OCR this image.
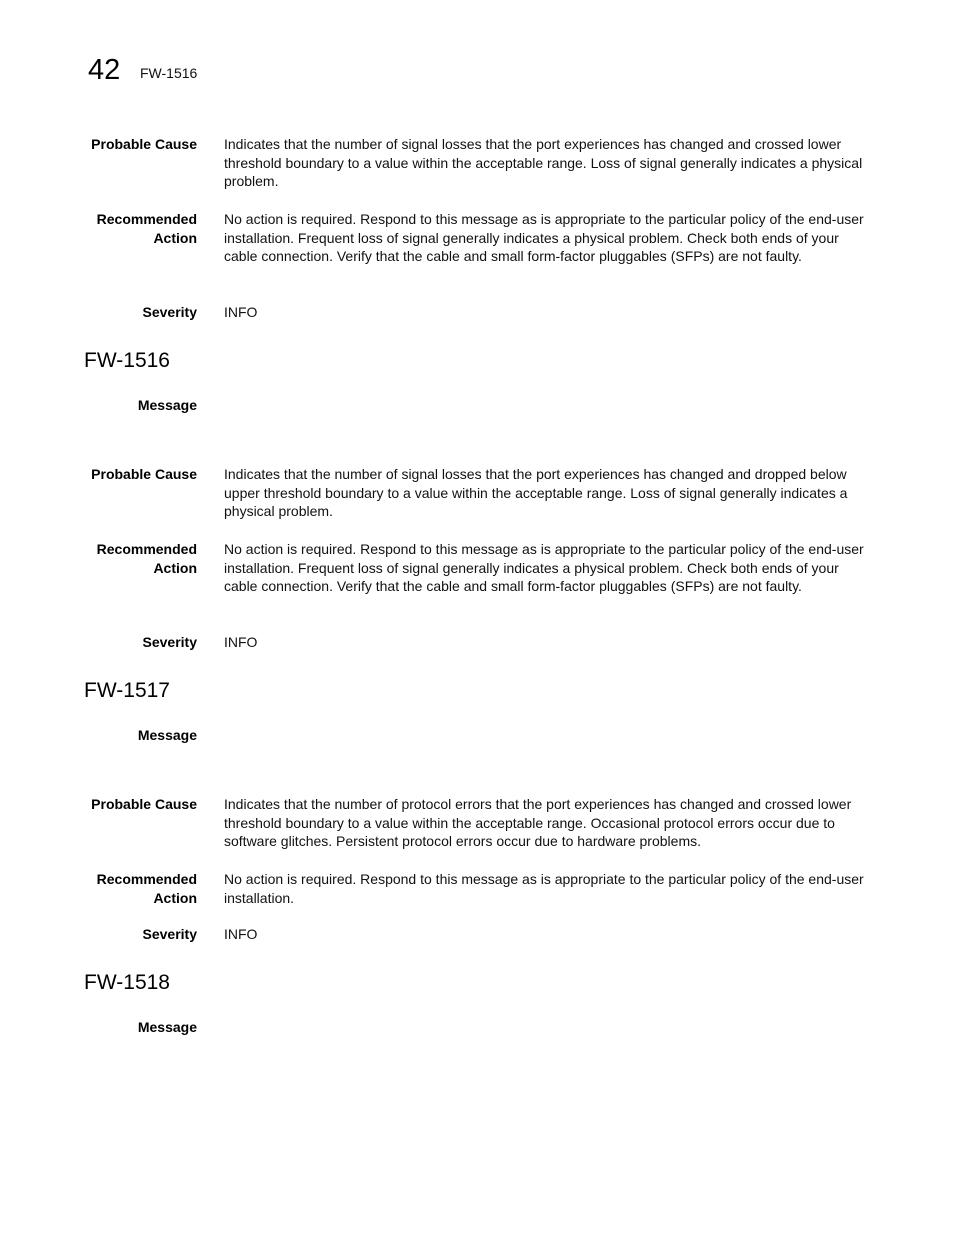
42 FW-1516
Probable Cause Indicates that the number of signal losses that the port experiences has changed and crossed lower threshold boundary to a value within the acceptable range. Loss of signal generally indicates a physical problem.
Recommended
Action
No action is required. Respond to this message as is appropriate to the particular policy of the end-user installation. Frequent loss of signal generally indicates a physical problem. Check both ends of your cable connection. Verify that the cable and small form-factor pluggables (SFPs) are not faulty.
Severity INFO
FW-1516
Message
Probable Cause Indicates that the number of signal losses that the port experiences has changed and dropped below upper threshold boundary to a value within the acceptable range. Loss of signal generally indicates a physical problem.
Recommended
Action
No action is required. Respond to this message as is appropriate to the particular policy of the end-user installation. Frequent loss of signal generally indicates a physical problem. Check both ends of your cable connection. Verify that the cable and small form-factor pluggables (SFPs) are not faulty.
Severity INFO
FW-1517
Message
Probable Cause Indicates that the number of protocol errors that the port experiences has changed and crossed lower threshold boundary to a value within the acceptable range. Occasional protocol errors occur due to software glitches. Persistent protocol errors occur due to hardware problems.
Recommended
Action
No action is required. Respond to this message as is appropriate to the particular policy of the end-user installation.
Severity INFO
FW-1518
Message
